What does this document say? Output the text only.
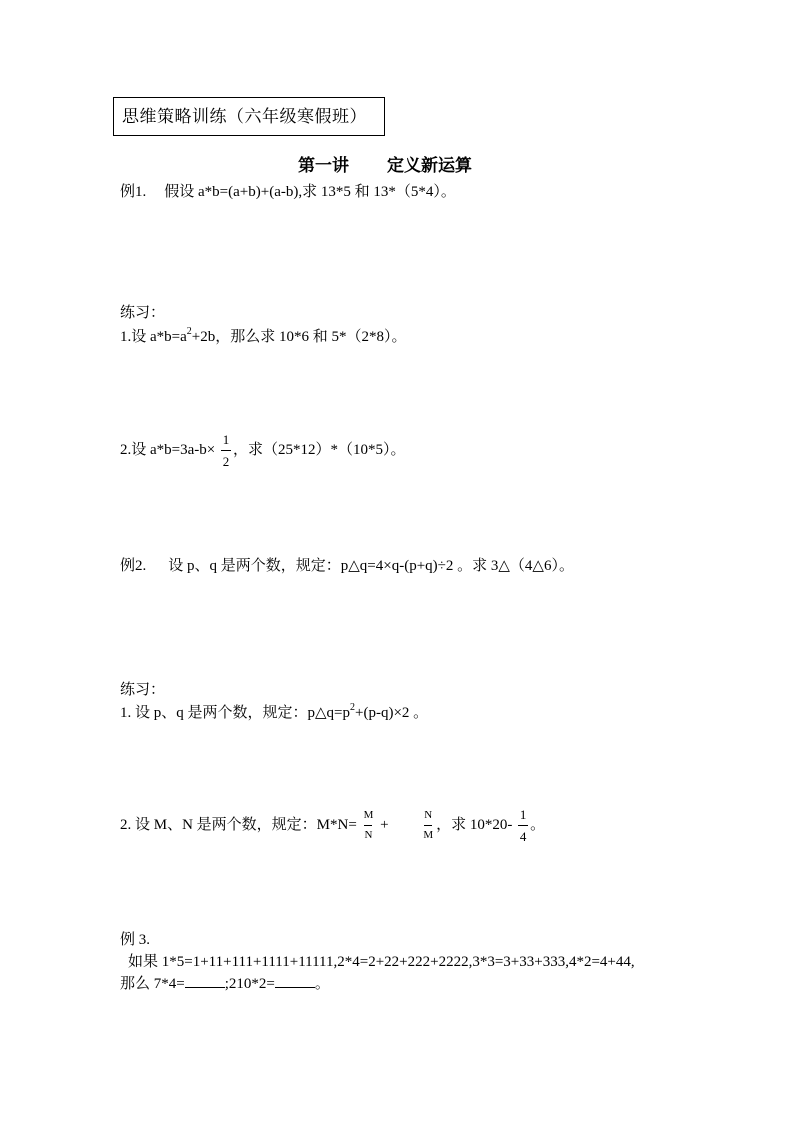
思维策略训练（六年级寒假班）
第一讲 定义新运算
例1. 假设 a*b=(a+b)+(a-b),求 13*5 和 13*（5*4）。
练习：
1.设 $a*b=a^2+2b$，那么求 10*6 和 5*（2*8）。
2.设 $a*b=3a-b\times \frac{1}{2}$ ，求（25*12）*（10*5）。
例2. 设 p、q 是两个数，规定：p△q=4×q-(p+q)÷2 。求 3△（4△6）。
练习：
1. 设 p、q 是两个数，规定：$p\triangle q=p^2+(p-q)\times 2$ 。
2. 设 M、N 是两个数，规定：$M*N= \frac{M}{N}$ +	$\frac{N}{M}$ ，求 $10*20- \frac{1}{4}$ 。
例 3.
如果 1*5=1+11+111+1111+11111,2*4=2+22+222+2222,3*3=3+33+333,4*2=4+44,
那么 7*4=	;210*2=	。
